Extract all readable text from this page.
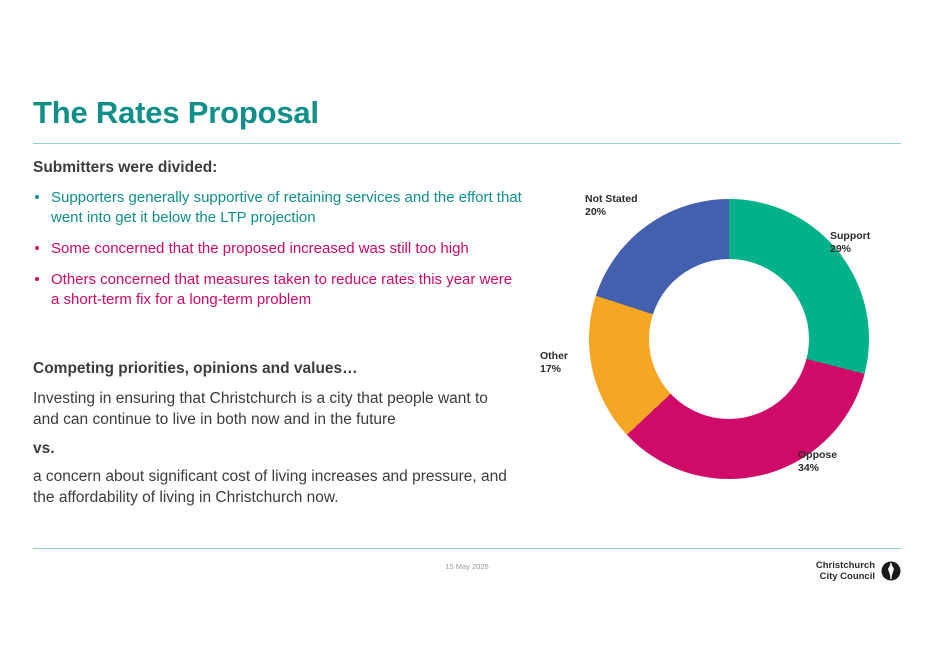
The Rates Proposal
Submitters were divided:
Supporters generally supportive of retaining services and the effort that went into get it below the LTP projection
Some concerned that the proposed increased was still too high
Others concerned that measures taken to reduce rates this year were a short-term fix for a long-term problem
Competing priorities, opinions and values…
Investing in ensuring that Christchurch is a city that people want to and can continue to live in both now and in the future
vs.
a concern about significant cost of living increases and pressure, and the affordability of living in Christchurch now.
Support
29%
Oppose
34%
Other
17%
Not Stated
20%
15 May 2025	Christchurch
City Council
